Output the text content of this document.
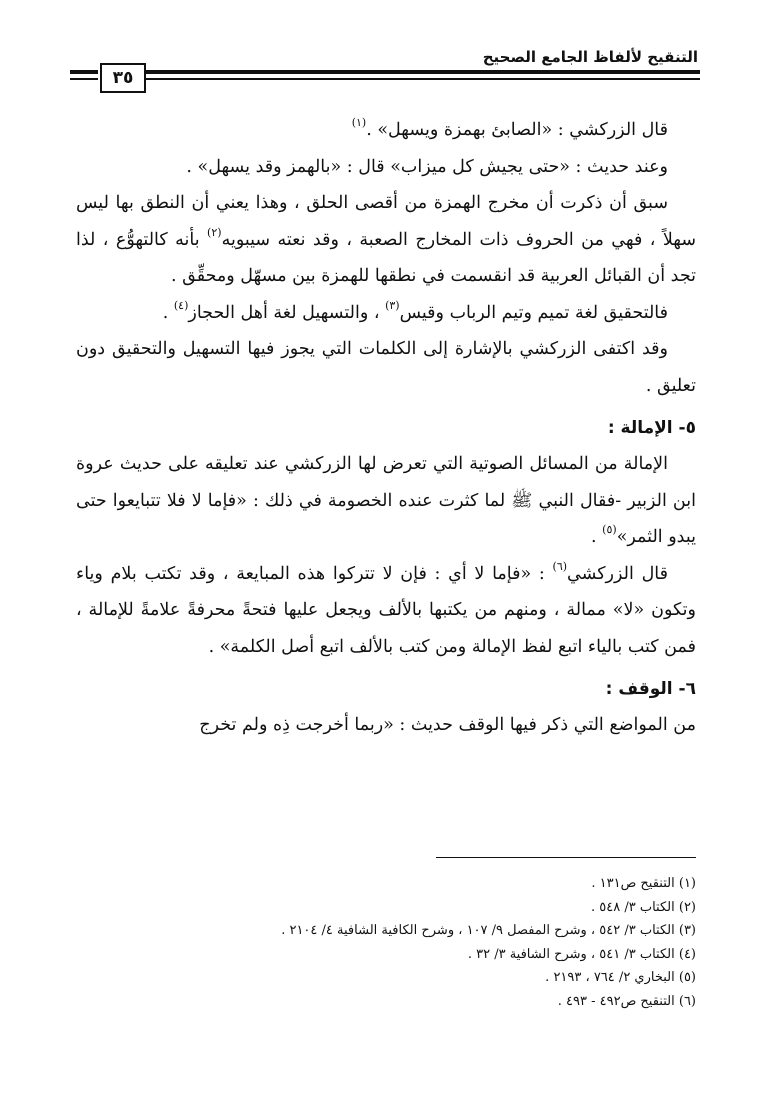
التنقيح لألفاظ الجامع الصحيح
٣٥

قال الزركشي : «الصابئ بهمزة ويسهل» .$^{(١)}$

وعند حديث : «حتى يجيش كل ميزاب» قال : «بالهمز وقد يسهل» .

سبق أن ذكرت أن مخرج الهمزة من أقصى الحلق ، وهذا يعني أن النطق بها ليس سهلاً ، فهي من الحروف ذات المخارج الصعبة ، وقد نعته سيبويه$^{(٢)}$ بأنه كالتهوُّع ، لذا تجد أن القبائل العربية قد انقسمت في نطقها للهمزة بين مسهّل ومحقِّق .

فالتحقيق لغة تميم وتيم الرباب وقيس$^{(٣)}$ ، والتسهيل لغة أهل الحجاز$^{(٤)}$ .

وقد اكتفى الزركشي بالإشارة إلى الكلمات التي يجوز فيها التسهيل والتحقيق دون تعليق .

٥- الإمالة :

الإمالة من المسائل الصوتية التي تعرض لها الزركشي عند تعليقه على حديث عروة ابن الزبير -فقال النبي ﷺ لما كثرت عنده الخصومة في ذلك : «فإما لا فلا تتبايعوا حتى يبدو الثمر»$^{(٥)}$ .

قال الزركشي$^{(٦)}$ : «فإما لا أي : فإن لا تتركوا هذه المبايعة ، وقد تكتب بلام وياء وتكون «لا» ممالة ، ومنهم من يكتبها بالألف ويجعل عليها فتحةً محرفةً علامةً للإمالة ، فمن كتب بالياء اتبع لفظ الإمالة ومن كتب بالألف اتبع أصل الكلمة» .

٦- الوقف :

من المواضع التي ذكر فيها الوقف حديث : «ربما أخرجت ذِه ولم تخرج

(١) التنقيح ص١٣١ .
(٢) الكتاب ٣/ ٥٤٨ .
(٣) الكتاب ٣/ ٥٤٢ ، وشرح المفصل ٩/ ١٠٧ ، وشرح الكافية الشافية ٤/ ٢١٠٤ .
(٤) الكتاب ٣/ ٥٤١ ، وشرح الشافية ٣/ ٣٢ .
(٥) البخاري ٢/ ٧٦٤ ، ٢١٩٣ .
(٦) التنقيح ص٤٩٢ - ٤٩٣ .
